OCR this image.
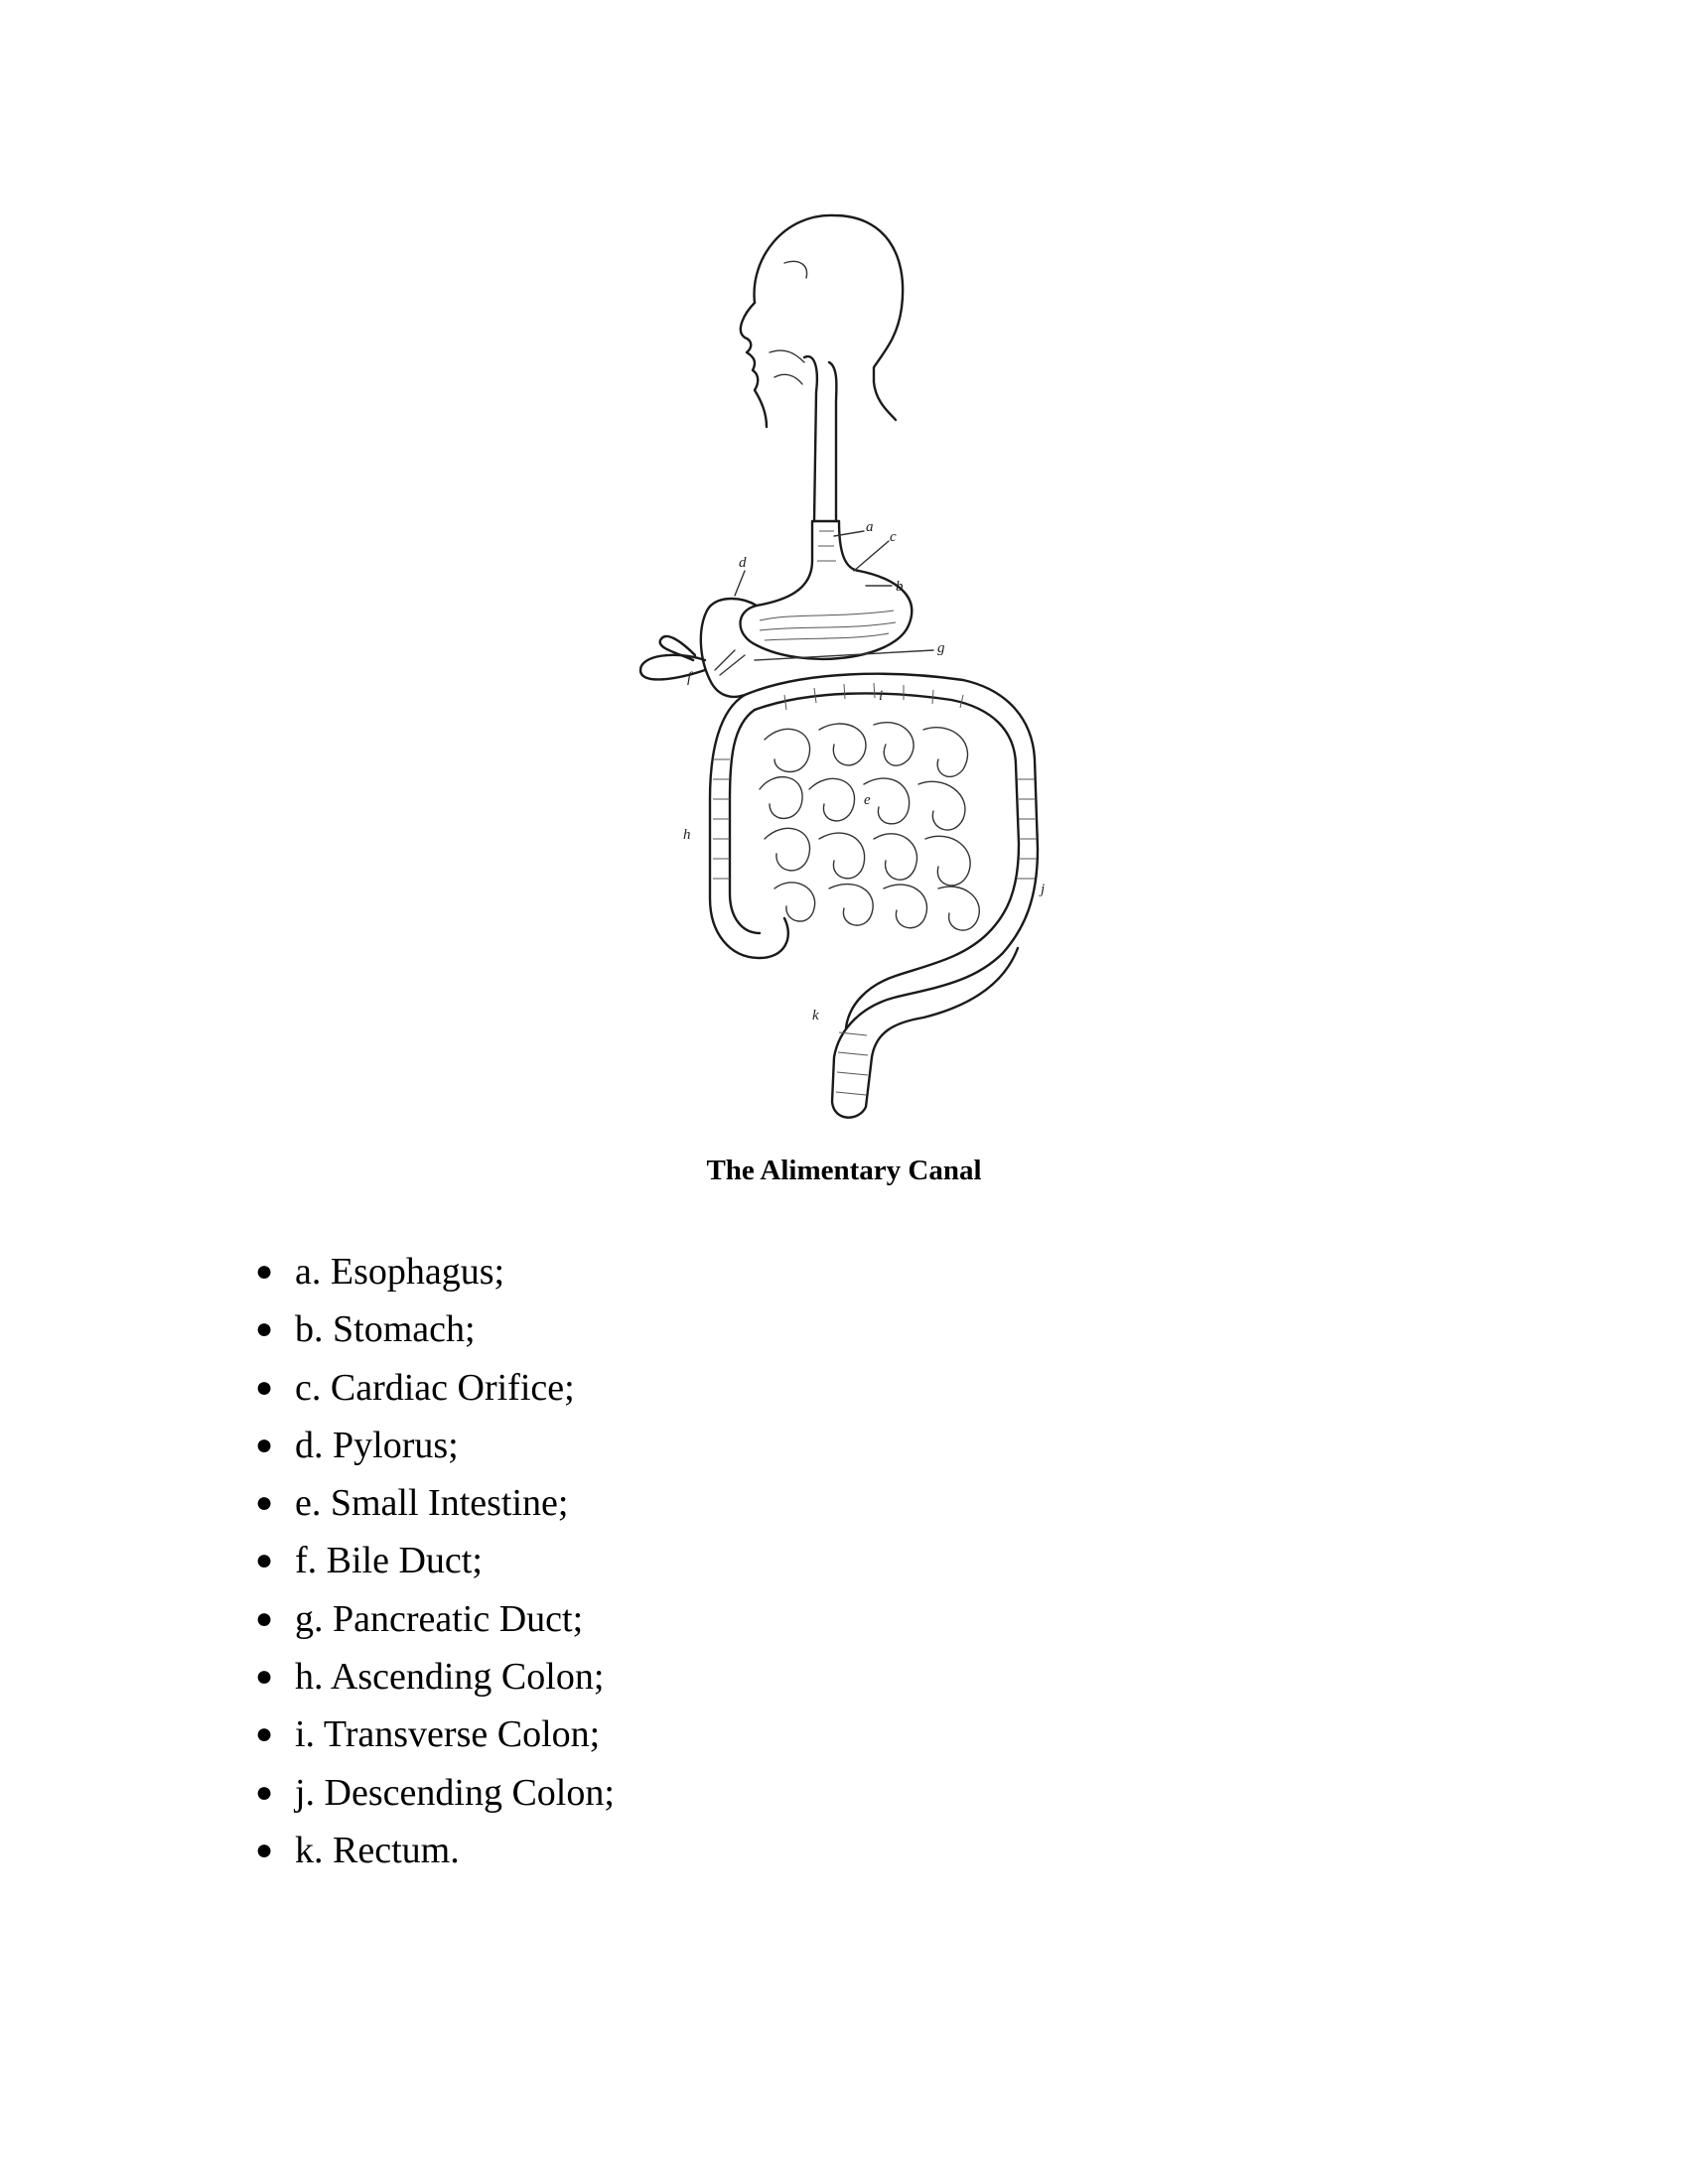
a
b
c
d
f
g
h
j
k
i
e
The Alimentary Canal
● a. Esophagus;
● b. Stomach;
● c. Cardiac Orifice;
● d. Pylorus;
● e. Small Intestine;
● f. Bile Duct;
● g. Pancreatic Duct;
● h. Ascending Colon;
● i. Transverse Colon;
● j. Descending Colon;
● k. Rectum.
